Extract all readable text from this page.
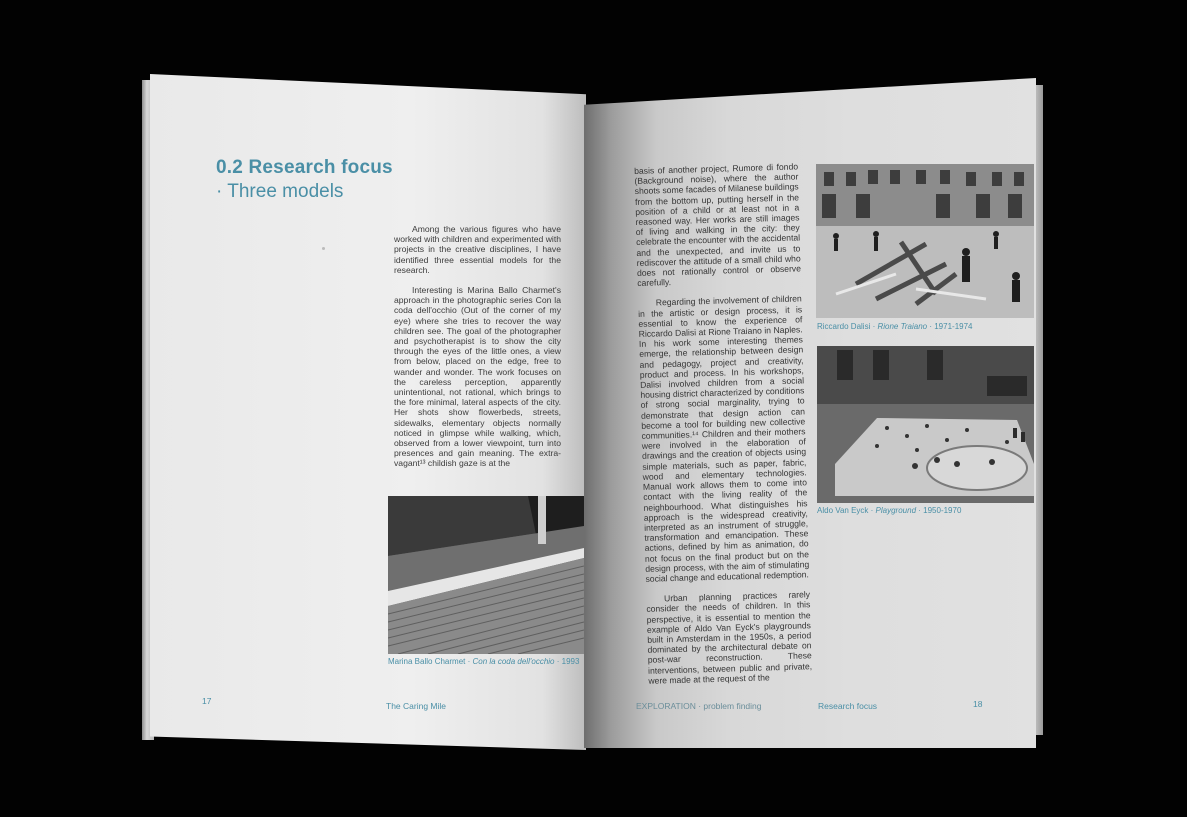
0.2 Research focus
· Three models

Among the various figures who have worked with children and experimented with projects in the creative disciplines, I have identified three essential models for the research.

Interesting is Marina Ballo Charmet's approach in the photographic series Con la coda dell'occhio (Out of the corner of my eye) where she tries to recover the way children see. The goal of the photographer and psychotherapist is to show the city through the eyes of the little ones, a view from below, placed on the edge, free to wander and wonder. The work focuses on the careless perception, apparently unintentional, not rational, which brings to the fore minimal, lateral aspects of the city. Her shots show flowerbeds, streets, sidewalks, elementary objects normally noticed in glimpse while walking, which, observed from a lower viewpoint, turn into presences and gain meaning. The extra-vagant¹³ childish gaze is at the

Marina Ballo Charmet · Con la coda dell'occhio · 1993
17	The Caring Mile

basis of another project, Rumore di fondo (Background noise), where the author shoots some facades of Milanese buildings from the bottom up, putting herself in the position of a child or at least not in a reasoned way. Her works are still images of living and walking in the city: they celebrate the encounter with the accidental and the unexpected, and invite us to rediscover the attitude of a small child who does not rationally control or observe carefully.

Regarding the involvement of children in the artistic or design process, it is essential to know the experience of Riccardo Dalisi at Rione Traiano in Naples. In his work some interesting themes emerge, the relationship between design and pedagogy, project and creativity, product and process. In his workshops, Dalisi involved children from a social housing district characterized by conditions of strong social marginality, trying to demonstrate that design action can become a tool for building new collective communities.¹⁴ Children and their mothers were involved in the elaboration of drawings and the creation of objects using simple materials, such as paper, fabric, wood and elementary technologies. Manual work allows them to come into contact with the living reality of the neighbourhood. What distinguishes his approach is the widespread creativity, interpreted as an instrument of struggle, transformation and emancipation. These actions, defined by him as animation, do not focus on the final product but on the design process, with the aim of stimulating social change and educational redemption.

Urban planning practices rarely consider the needs of children. In this perspective, it is essential to mention the example of Aldo Van Eyck's playgrounds built in Amsterdam in the 1950s, a period dominated by the architectural debate on post-war reconstruction. These interventions, between public and private, were made at the request of the

Riccardo Dalisi · Rione Traiano · 1971-1974
Aldo Van Eyck · Playground · 1950-1970
EXPLORATION · problem finding	Research focus	18
